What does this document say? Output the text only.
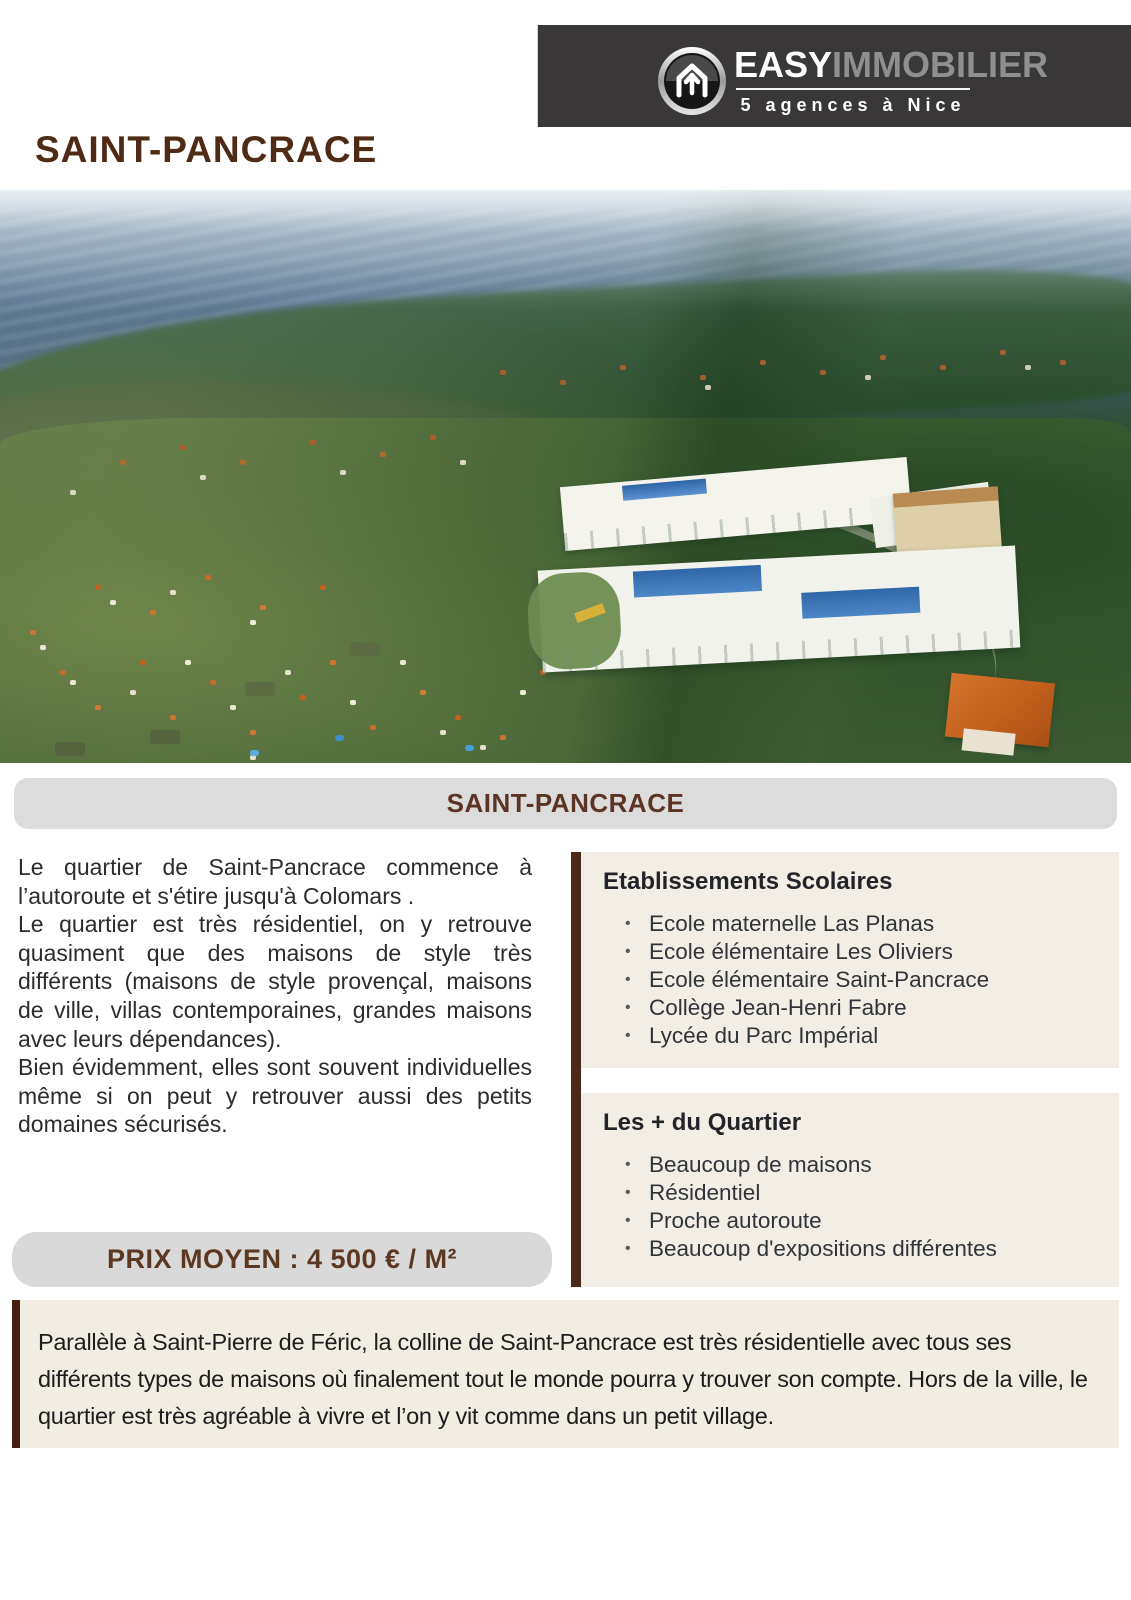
EASYIMMOBILIER
5 agences à Nice
SAINT-PANCRACE
SAINT-PANCRACE

Le quartier de Saint-Pancrace commence à l’autoroute et s'étire jusqu'à Colomars .

Le quartier est très résidentiel, on y retrouve quasiment que des maisons de style très différents (maisons de style provençal, maisons de ville, villas contemporaines, grandes maisons avec leurs dépendances).

Bien évidemment, elles sont souvent individuelles même si on peut y retrouver aussi des petits domaines sécurisés.

Etablissements Scolaires
• Ecole maternelle Las Planas
• Ecole élémentaire Les Oliviers
• Ecole élémentaire Saint-Pancrace
• Collège Jean-Henri Fabre
• Lycée du Parc Impérial
Les + du Quartier
• Beaucoup de maisons
• Résidentiel
• Proche autoroute
• Beaucoup d'expositions différentes
PRIX MOYEN : 4 500 € / M²

Parallèle à Saint-Pierre de Féric, la colline de Saint-Pancrace est très résidentielle avec tous ses différents types de maisons où finalement tout le monde pourra y trouver son compte. Hors de la ville, le quartier est très agréable à vivre et l’on y vit comme dans un petit village.
